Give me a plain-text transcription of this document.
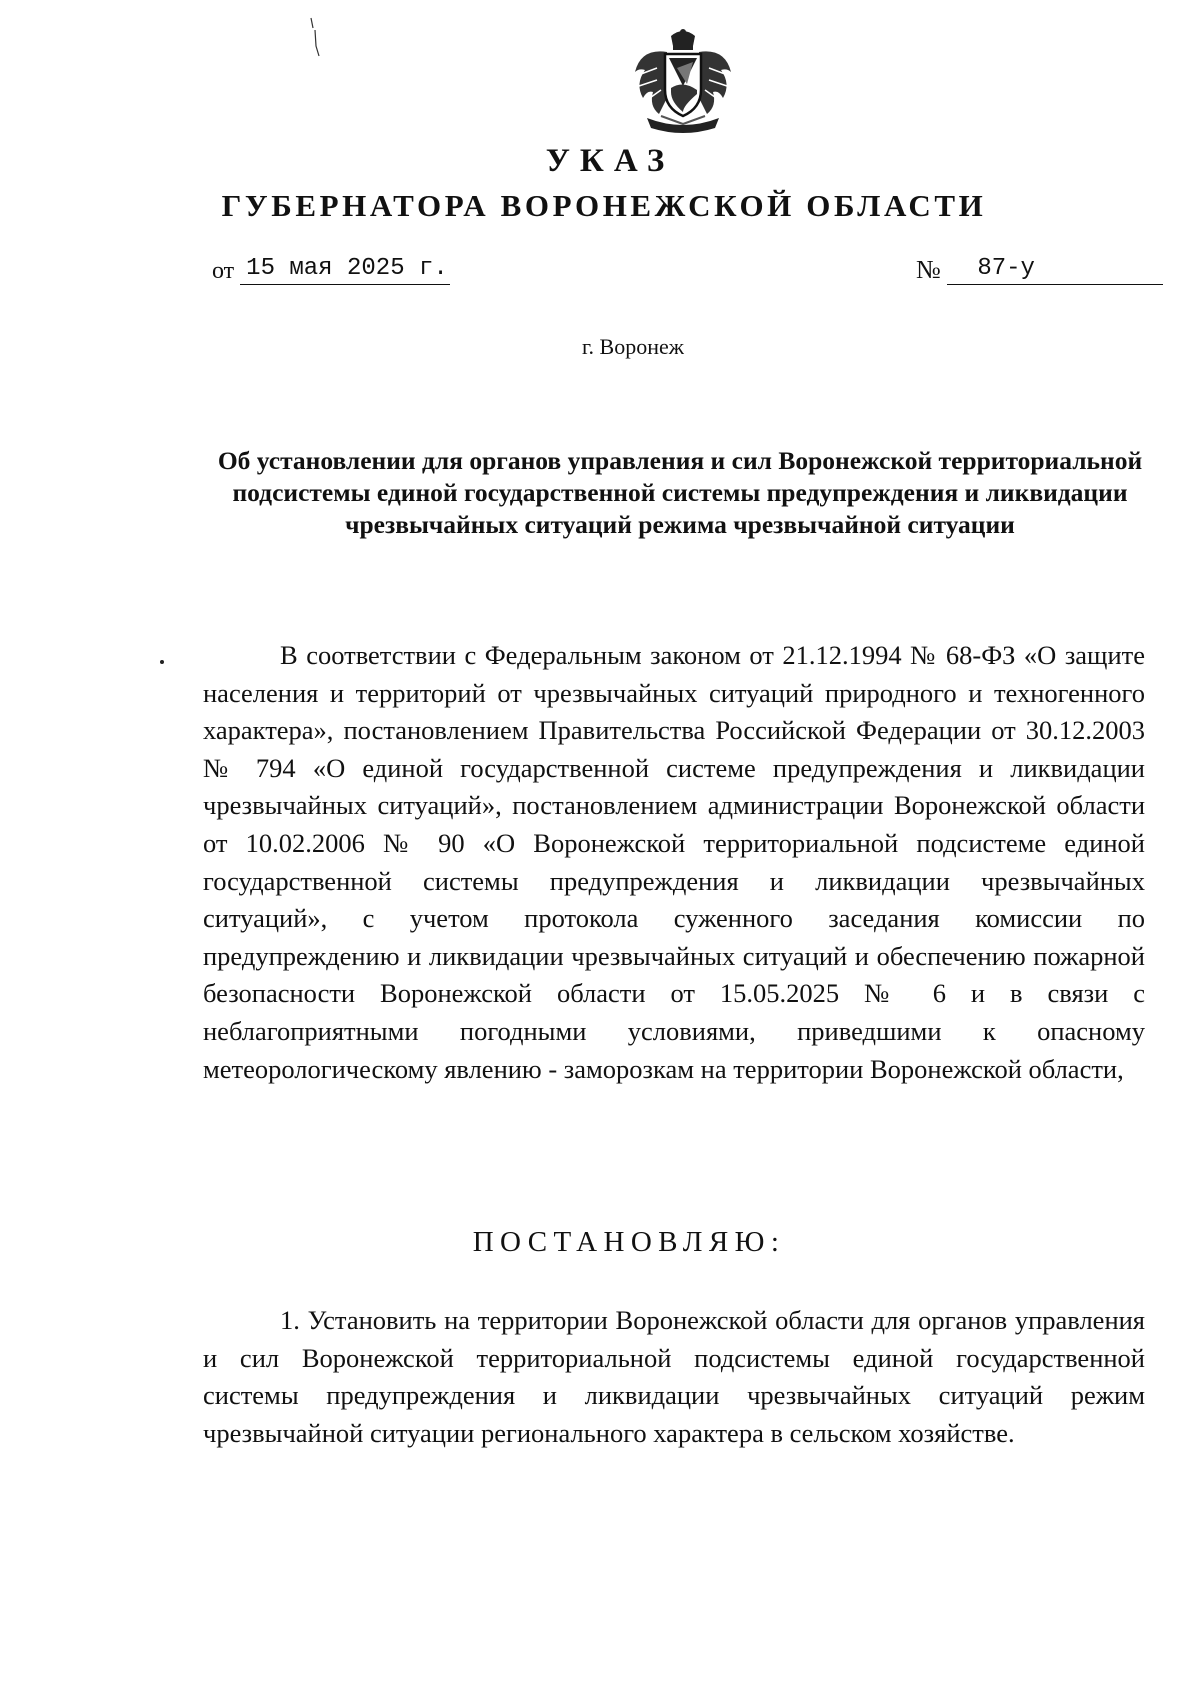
УКАЗ
ГУБЕРНАТОРА ВОРОНЕЖСКОЙ ОБЛАСТИ
от 15 мая 2025 г.	№ 87-у
г. Воронеж
Об установлении для органов управления и сил Воронежской территориальной подсистемы единой государственной системы предупреждения и ликвидации чрезвычайных ситуаций режима чрезвычайной ситуации

В соответствии с Федеральным законом от 21.12.1994 № 68-ФЗ «О защите населения и территорий от чрезвычайных ситуаций природного и техногенного характера», постановлением Правительства Российской Федерации от 30.12.2003 № 794 «О единой государственной системе предупреждения и ликвидации чрезвычайных ситуаций», постановлением администрации Воронежской области от 10.02.2006 № 90 «О Воронежской территориальной подсистеме единой государственной системы предупреждения и ликвидации чрезвычайных ситуаций», с учетом протокола суженного заседания комиссии по предупреждению и ликвидации чрезвычайных ситуаций и обеспечению пожарной безопасности Воронежской области от 15.05.2025 № 6 и в связи с неблагоприятными погодными условиями, приведшими к опасному метеорологическому явлению - заморозкам на территории Воронежской области,

ПОСТАНОВЛЯЮ:

1. Установить на территории Воронежской области для органов управления и сил Воронежской территориальной подсистемы единой государственной системы предупреждения и ликвидации чрезвычайных ситуаций режим чрезвычайной ситуации регионального характера в сельском хозяйстве.
